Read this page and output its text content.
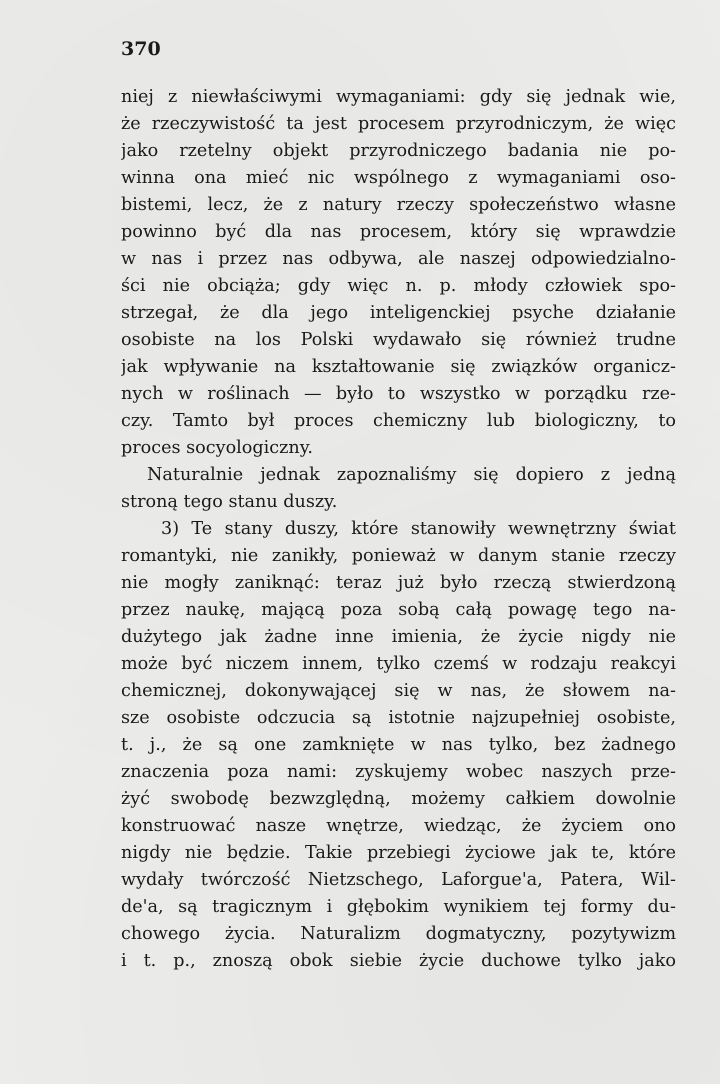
370
niej z niewłaściwymi wymaganiami: gdy się jednak wie,
że rzeczywistość ta jest procesem przyrodniczym, że więc
jako rzetelny objekt przyrodniczego badania nie po-
winna ona mieć nic wspólnego z wymaganiami oso-
bistemi, lecz, że z natury rzeczy społeczeństwo własne
powinno być dla nas procesem, który się wprawdzie
w nas i przez nas odbywa, ale naszej odpowiedzialno-
ści nie obciąża; gdy więc n. p. młody człowiek spo-
strzegał, że dla jego inteligenckiej psyche działanie
osobiste na los Polski wydawało się również trudne
jak wpływanie na kształtowanie się związków organicz-
nych w roślinach — było to wszystko w porządku rze-
czy. Tamto był proces chemiczny lub biologiczny, to
proces socyologiczny.
Naturalnie jednak zapoznaliśmy się dopiero z jedną
stroną tego stanu duszy.
3) Te stany duszy, które stanowiły wewnętrzny świat
romantyki, nie zanikły, ponieważ w danym stanie rzeczy
nie mogły zaniknąć: teraz już było rzeczą stwierdzoną
przez naukę, mającą poza sobą całą powagę tego na-
dużytego jak żadne inne imienia, że życie nigdy nie
może być niczem innem, tylko czemś w rodzaju reakcyi
chemicznej, dokonywającej się w nas, że słowem na-
sze osobiste odczucia są istotnie najzupełniej osobiste,
t. j., że są one zamknięte w nas tylko, bez żadnego
znaczenia poza nami: zyskujemy wobec naszych prze-
żyć swobodę bezwzględną, możemy całkiem dowolnie
konstruować nasze wnętrze, wiedząc, że życiem ono
nigdy nie będzie. Takie przebiegi życiowe jak te, które
wydały twórczość Nietzschego, Laforgue'a, Patera, Wil-
de'a, są tragicznym i głębokim wynikiem tej formy du-
chowego życia. Naturalizm dogmatyczny, pozytywizm
i t. p., znoszą obok siebie życie duchowe tylko jako
